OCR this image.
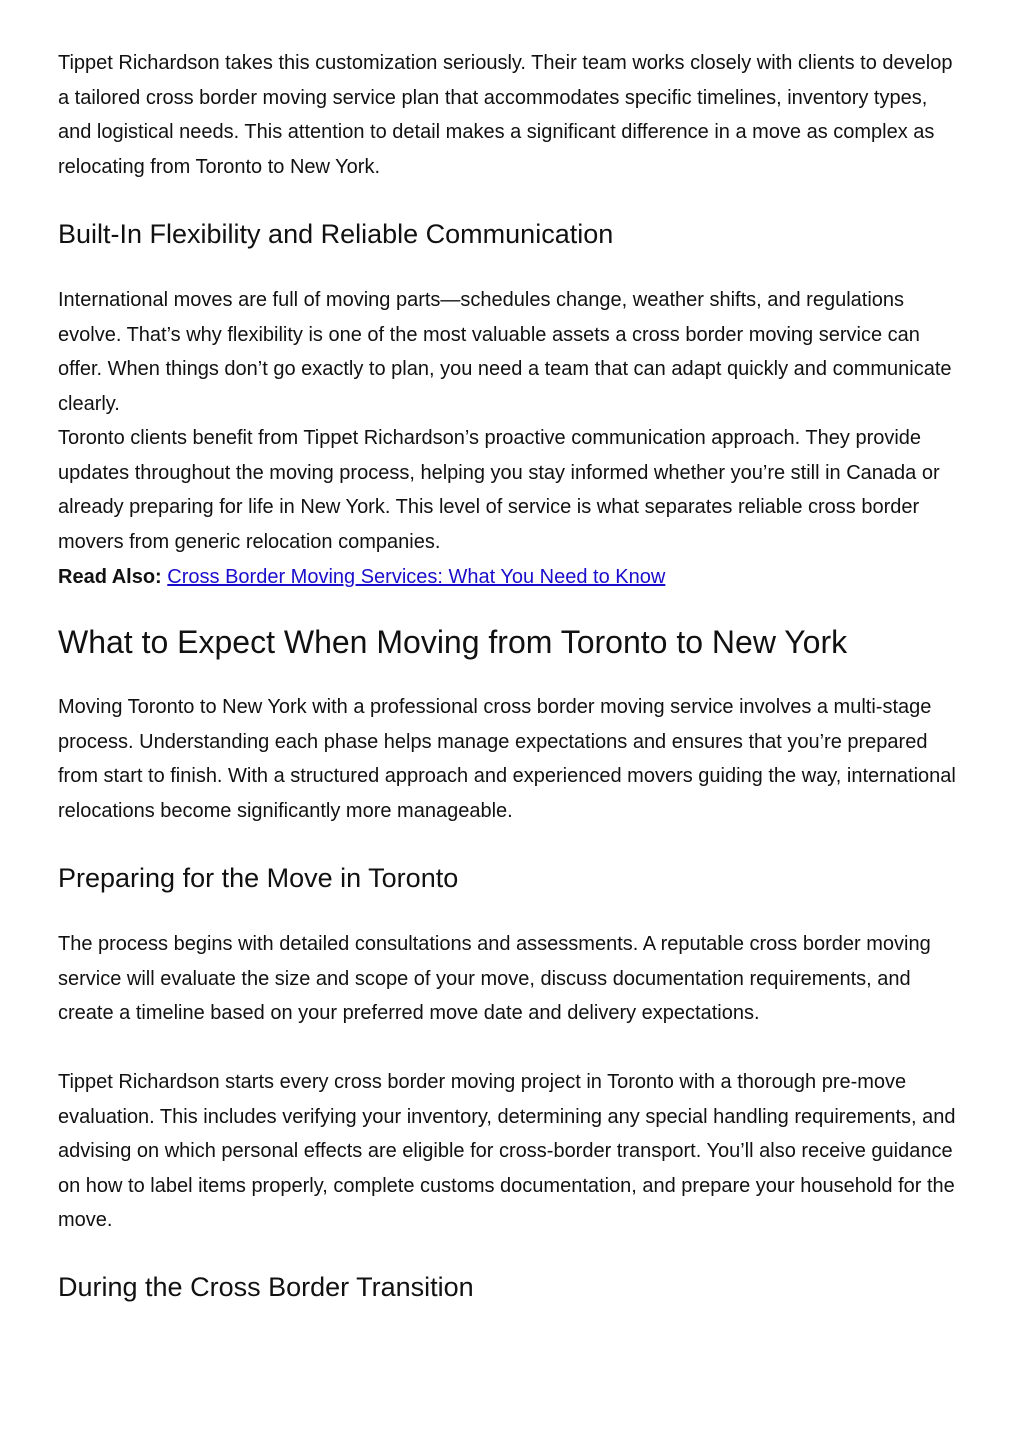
Tippet Richardson takes this customization seriously. Their team works closely with clients to develop a tailored cross border moving service plan that accommodates specific timelines, inventory types, and logistical needs. This attention to detail makes a significant difference in a move as complex as relocating from Toronto to New York.

Built-In Flexibility and Reliable Communication

International moves are full of moving parts—schedules change, weather shifts, and regulations evolve. That’s why flexibility is one of the most valuable assets a cross border moving service can offer. When things don’t go exactly to plan, you need a team that can adapt quickly and communicate clearly.

Toronto clients benefit from Tippet Richardson’s proactive communication approach. They provide updates throughout the moving process, helping you stay informed whether you’re still in Canada or already preparing for life in New York. This level of service is what separates reliable cross border movers from generic relocation companies.

Read Also: Cross Border Moving Services: What You Need to Know

What to Expect When Moving from Toronto to New York

Moving Toronto to New York with a professional cross border moving service involves a multi-stage process. Understanding each phase helps manage expectations and ensures that you’re prepared from start to finish. With a structured approach and experienced movers guiding the way, international relocations become significantly more manageable.

Preparing for the Move in Toronto

The process begins with detailed consultations and assessments. A reputable cross border moving service will evaluate the size and scope of your move, discuss documentation requirements, and create a timeline based on your preferred move date and delivery expectations.

Tippet Richardson starts every cross border moving project in Toronto with a thorough pre-move evaluation. This includes verifying your inventory, determining any special handling requirements, and advising on which personal effects are eligible for cross-border transport. You’ll also receive guidance on how to label items properly, complete customs documentation, and prepare your household for the move.

During the Cross Border Transition
